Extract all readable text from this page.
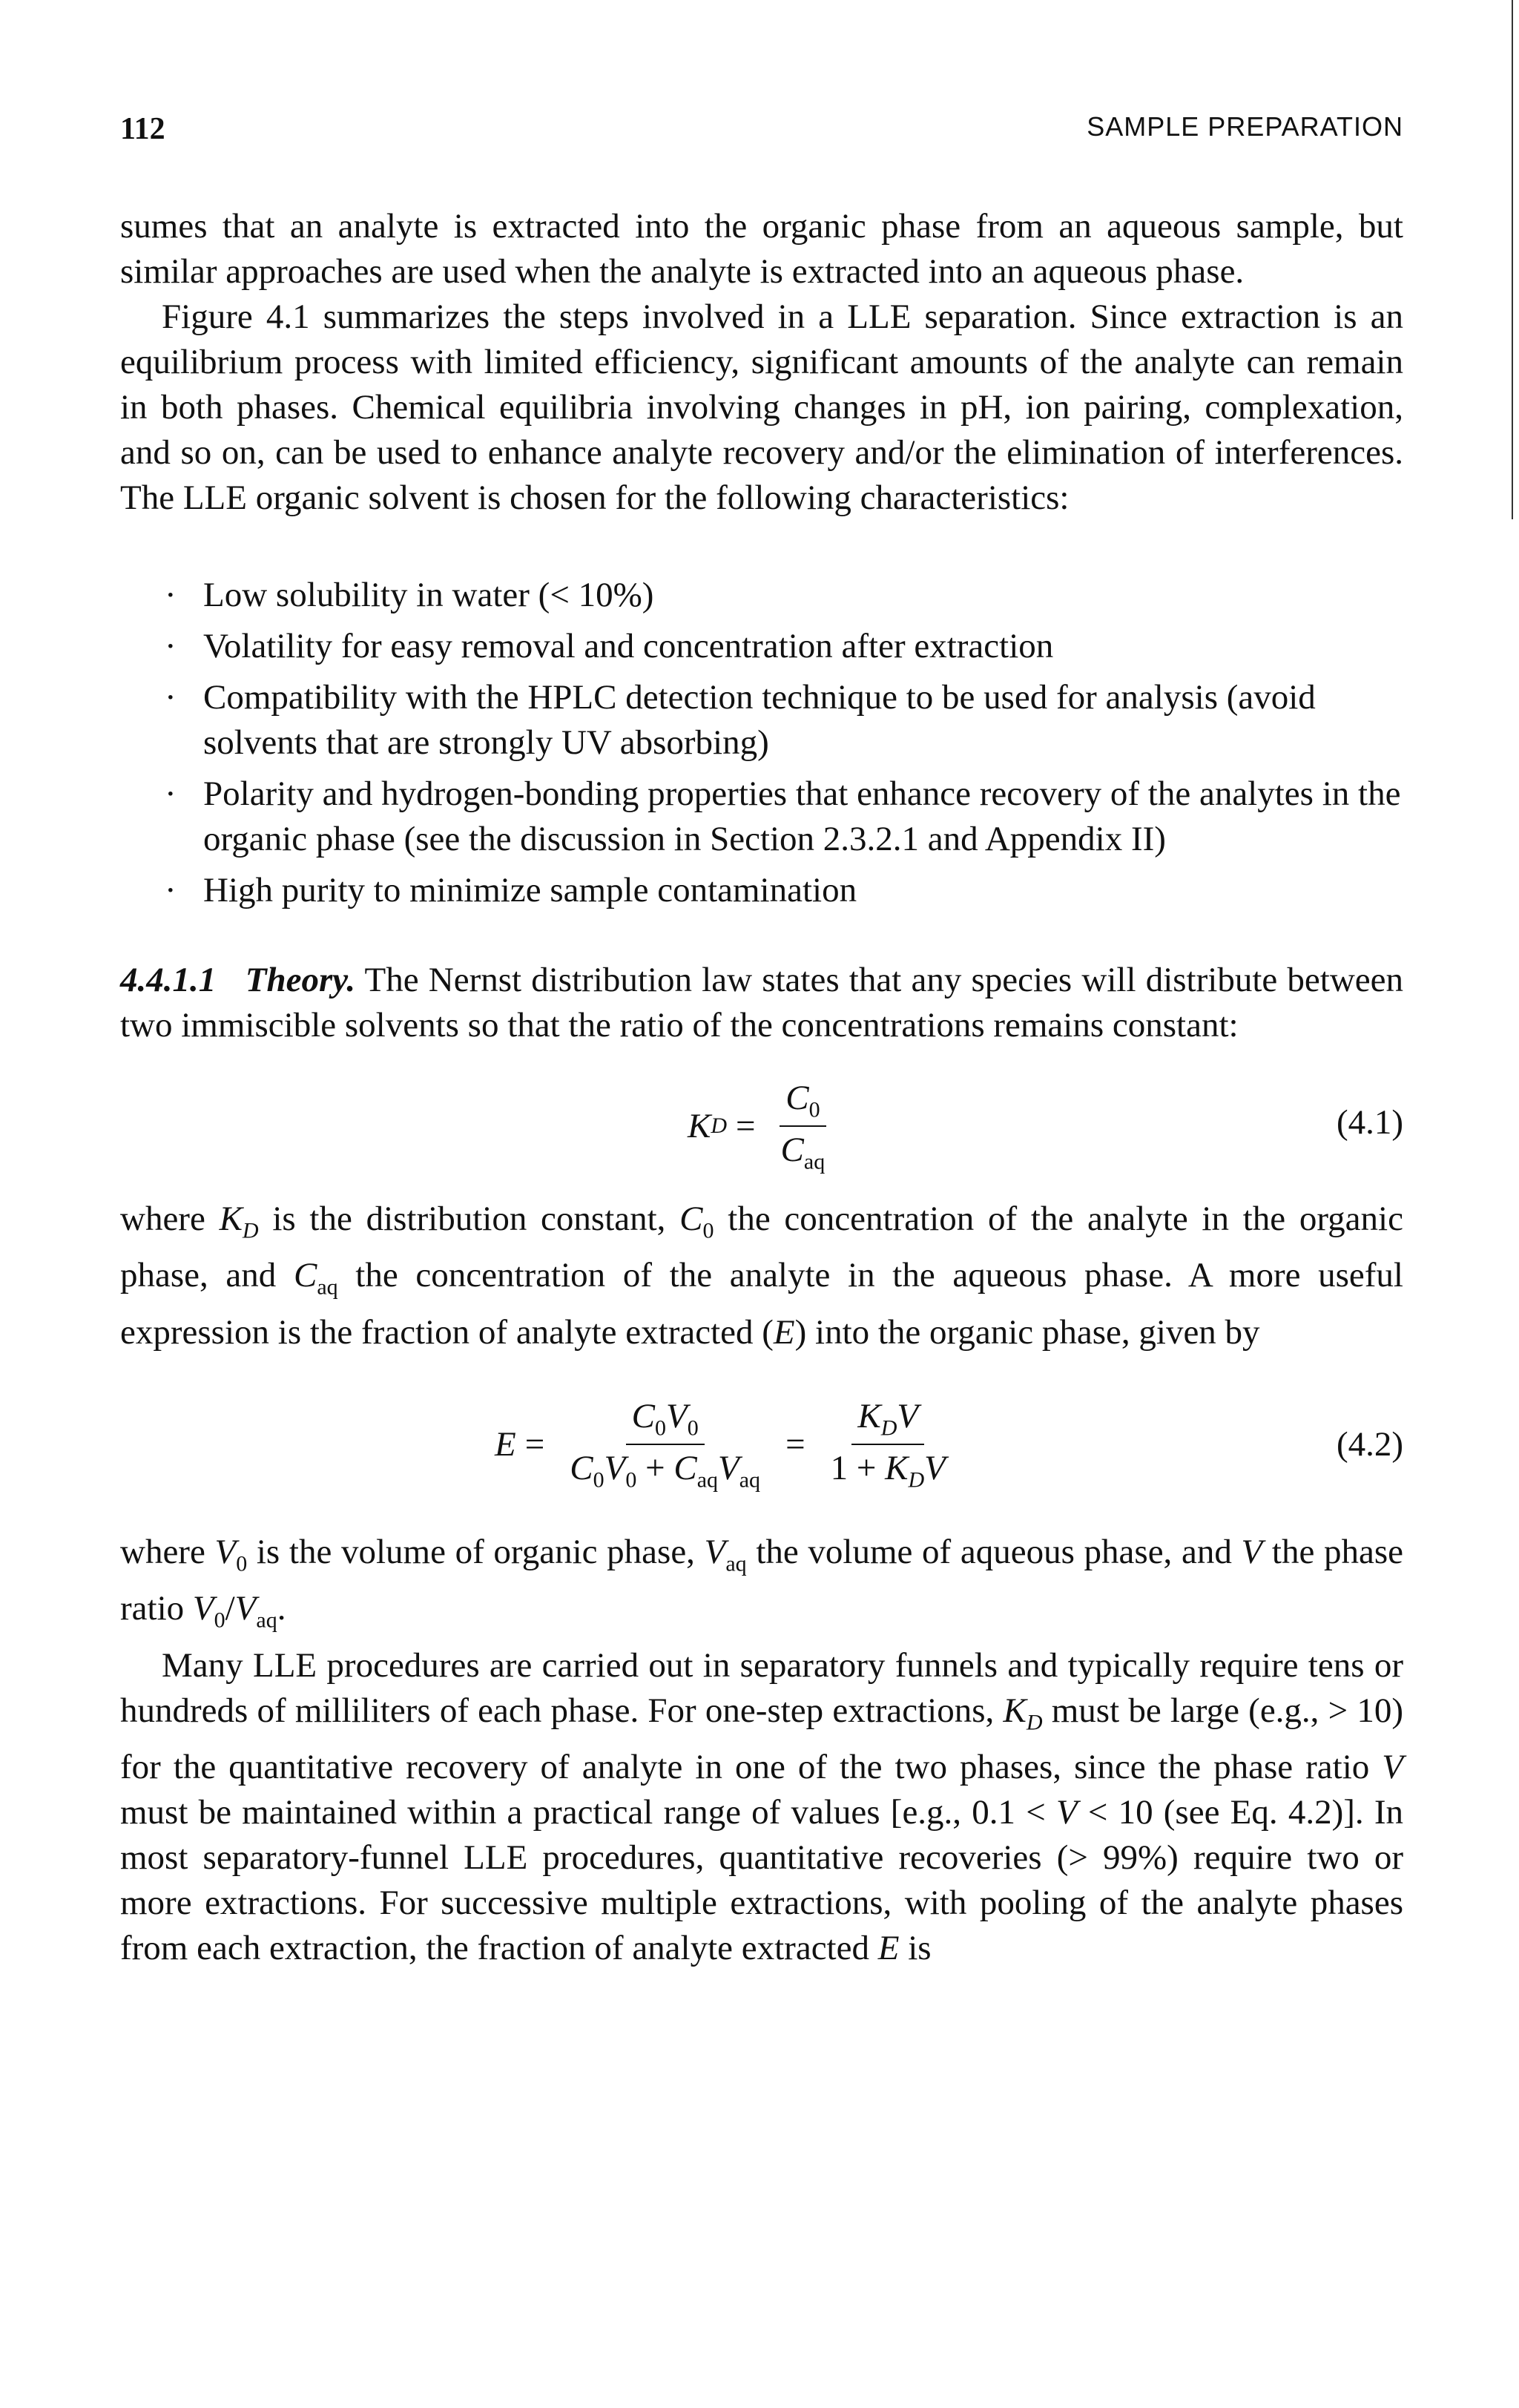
112	SAMPLE PREPARATION

sumes that an analyte is extracted into the organic phase from an aqueous sample, but similar approaches are used when the analyte is extracted into an aqueous phase.

Figure 4.1 summarizes the steps involved in a LLE separation. Since extraction is an equilibrium process with limited efficiency, significant amounts of the analyte can remain in both phases. Chemical equilibria involving changes in pH, ion pairing, complexation, and so on, can be used to enhance analyte recovery and/or the elimination of interferences. The LLE organic solvent is chosen for the following characteristics:

· Low solubility in water (< 10%)
· Volatility for easy removal and concentration after extraction
· Compatibility with the HPLC detection technique to be used for analysis (avoid solvents that are strongly UV absorbing)
· Polarity and hydrogen-bonding properties that enhance recovery of the analytes in the organic phase (see the discussion in Section 2.3.2.1 and Appendix II)
· High purity to minimize sample contamination

4.4.1.1 Theory. The Nernst distribution law states that any species will distribute between two immiscible solvents so that the ratio of the concentrations remains constant:

K $D = \frac{C_0}{C_{aq}}$	(4.1)

where $K_D$ is the distribution constant, $C_0$ the concentration of the analyte in the organic phase, and $C_{aq}$ the concentration of the analyte in the aqueous phase. A more useful expression is the fraction of analyte extracted (E) into the organic phase, given by

$E = \frac{C_0V_0}{C_0V_0 + C_{aq}V_{aq}} = \frac{K_DV}{1 + K_DV}$	(4.2)

where $V_0$ is the volume of organic phase, $V_{aq}$ the volume of aqueous phase, and V the phase ratio $V_0/V_{aq}$.

Many LLE procedures are carried out in separatory funnels and typically require tens or hundreds of milliliters of each phase. For one-step extractions, $K_D$ must be large (e.g., > 10) for the quantitative recovery of analyte in one of the two phases, since the phase ratio V must be maintained within a practical range of values [e.g., 0.1 < V < 10 (see Eq. 4.2)]. In most separatory-funnel LLE procedures, quantitative recoveries (> 99%) require two or more extractions. For successive multiple extractions, with pooling of the analyte phases from each extraction, the fraction of analyte extracted E is
